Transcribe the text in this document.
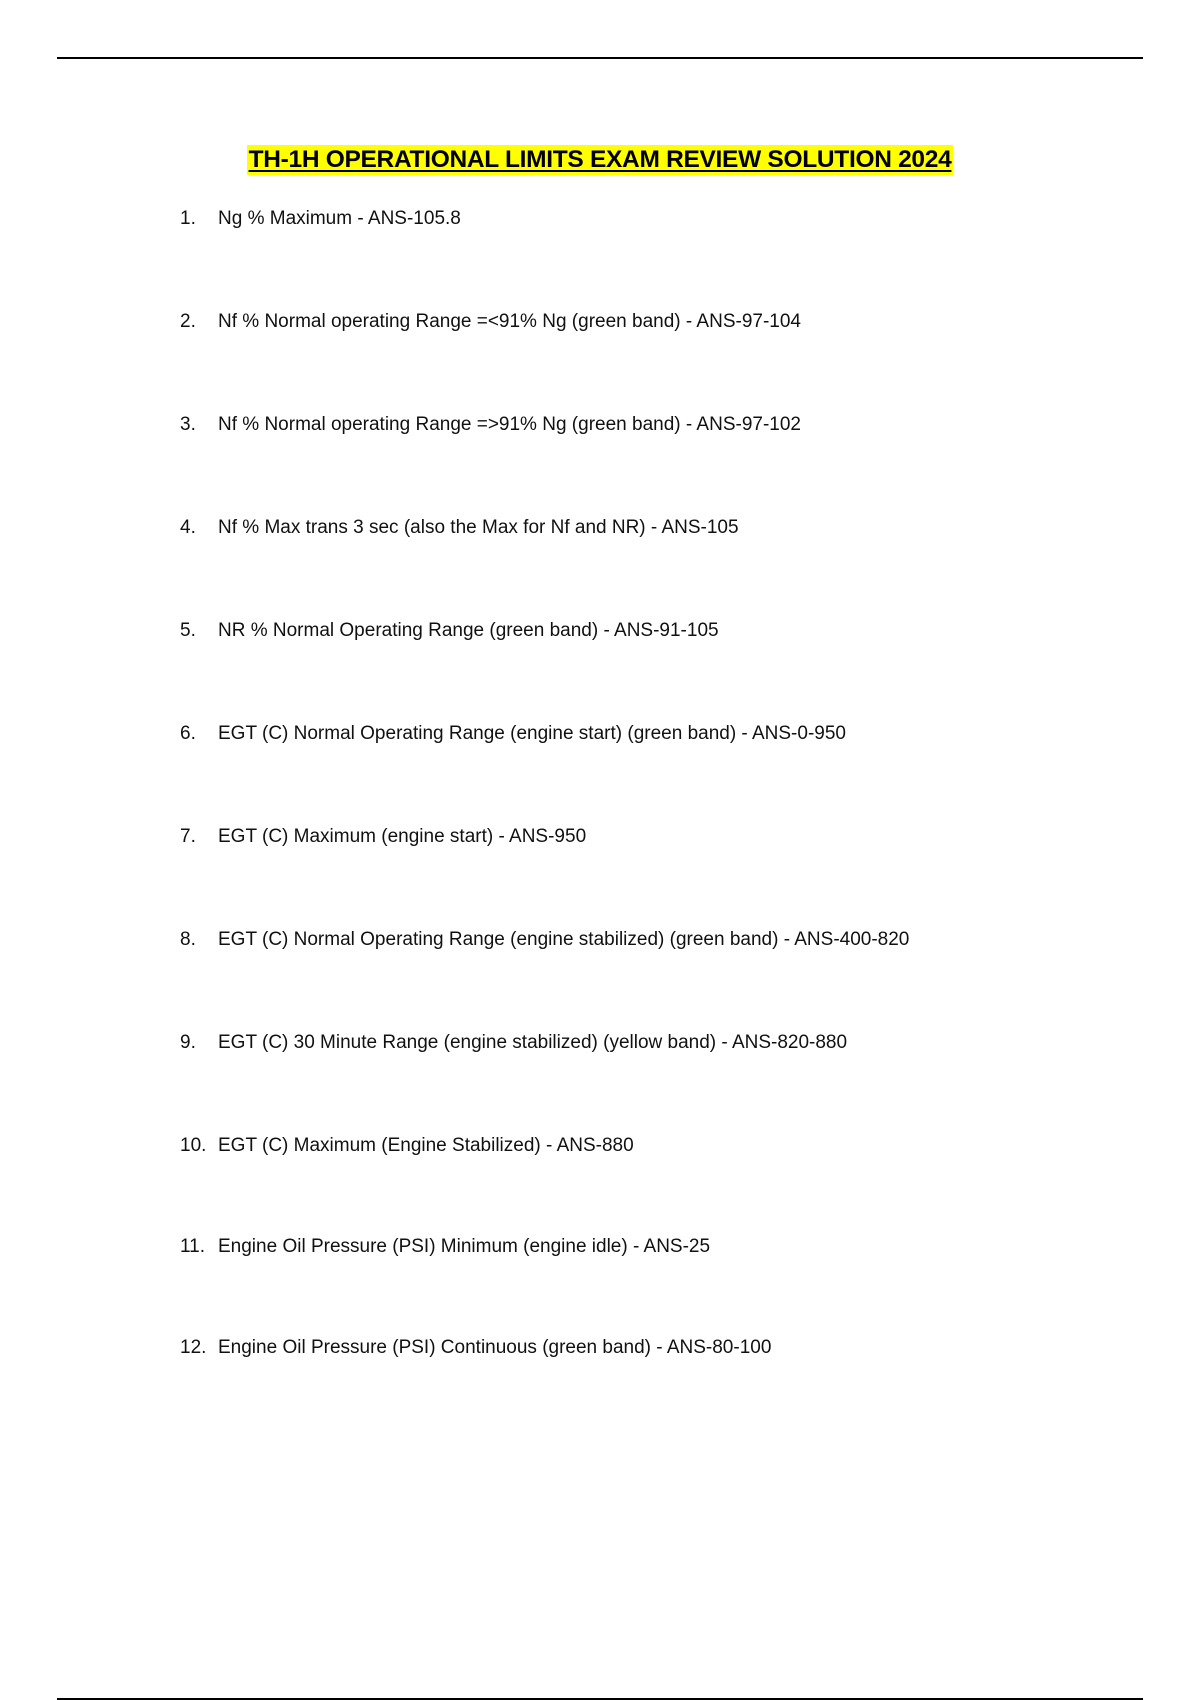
TH-1H OPERATIONAL LIMITS EXAM REVIEW SOLUTION 2024
1.	Ng % Maximum - ANS-105.8
2.	Nf % Normal operating Range =<91% Ng (green band) - ANS-97-104
3.	Nf % Normal operating Range =>91% Ng (green band) - ANS-97-102
4.	Nf % Max trans 3 sec (also the Max for Nf and NR) - ANS-105
5.	NR % Normal Operating Range (green band) - ANS-91-105
6.	EGT (C) Normal Operating Range (engine start) (green band) - ANS-0-950
7.	EGT (C) Maximum (engine start) - ANS-950
8.	EGT (C) Normal Operating Range (engine stabilized) (green band) - ANS-400-820
9.	EGT (C) 30 Minute Range (engine stabilized) (yellow band) - ANS-820-880
10. EGT (C) Maximum (Engine Stabilized) - ANS-880
11. Engine Oil Pressure (PSI) Minimum (engine idle) - ANS-25
12. Engine Oil Pressure (PSI) Continuous (green band) - ANS-80-100
